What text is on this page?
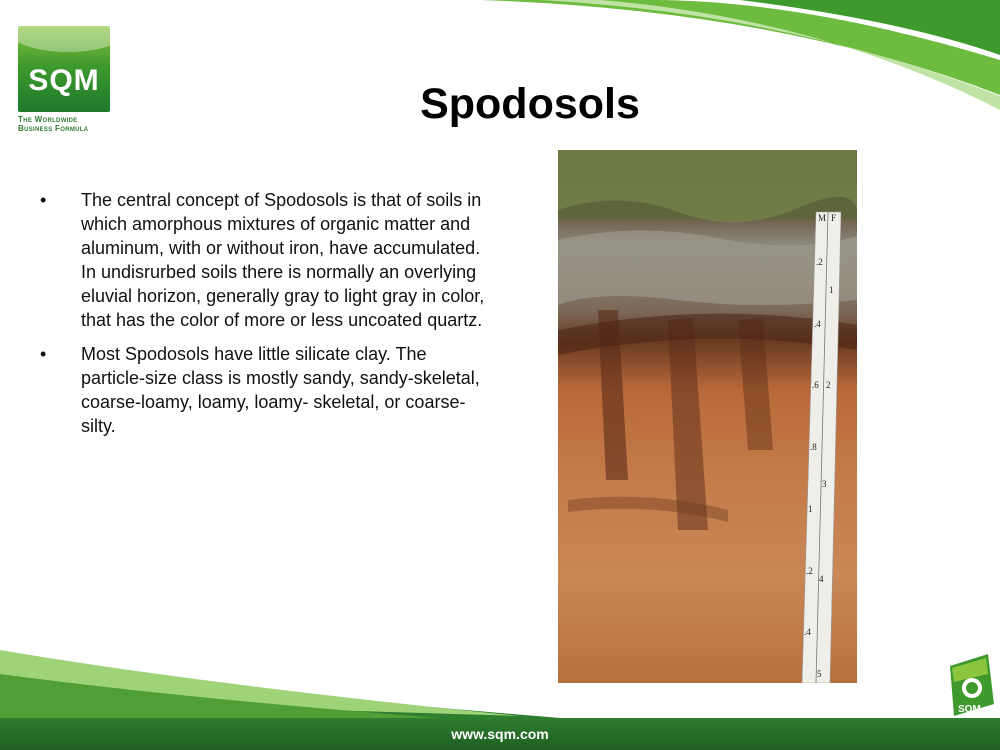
SQM
The Worldwide
Business Formula
Spodosols
• The central concept of Spodosols is that of soils in which amorphous mixtures of organic matter and aluminum, with or without iron, have accumulated. In undisrurbed soils there is normally an overlying eluvial horizon, generally gray to light gray in color, that has the color of more or less uncoated quartz.
• Most Spodosols have little silicate clay. The particle-size class is mostly sandy, sandy-skeletal, coarse-loamy, loamy, loamy- skeletal, or coarse-silty.
M F
.2
.4
.6
.8
1
.2
.4
1
2
3
4
5
www.sqm.com
SQM
